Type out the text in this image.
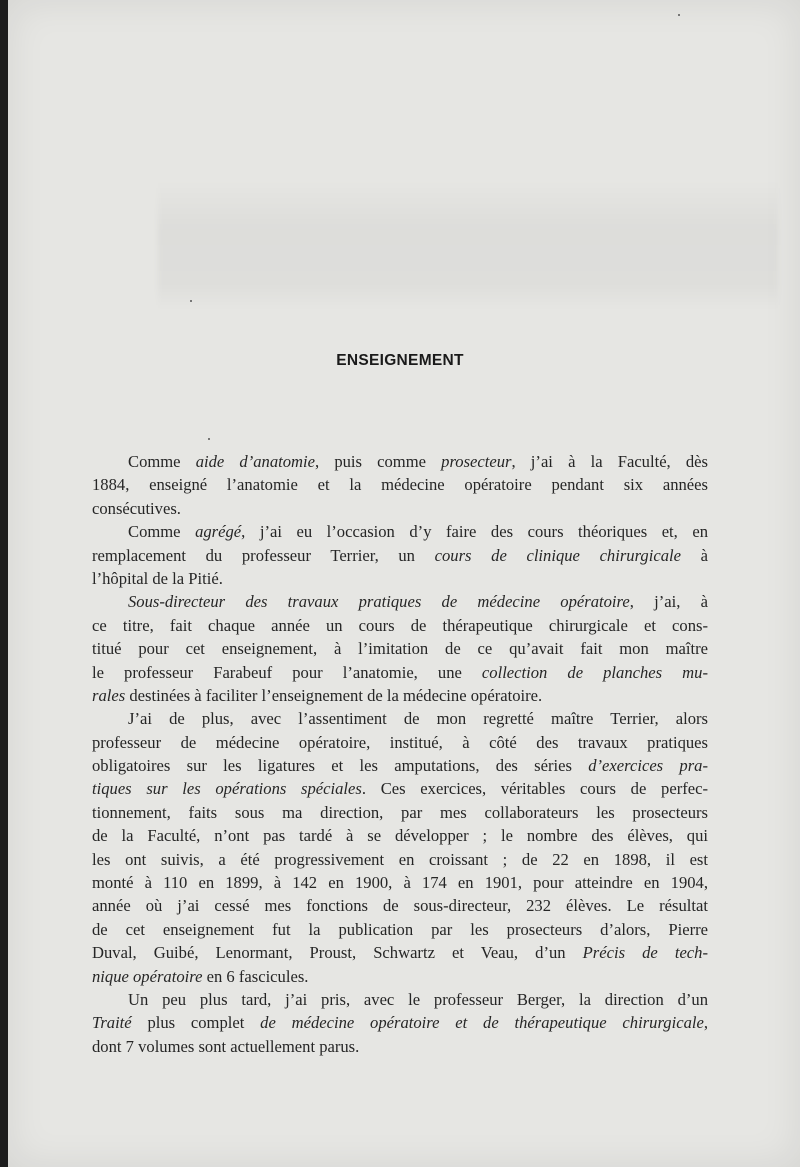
ENSEIGNEMENT
Comme aide d’anatomie, puis comme prosecteur, j’ai à la Faculté, dès
1884, enseigné l’anatomie et la médecine opératoire pendant six années
consécutives.
Comme agrégé, j’ai eu l’occasion d’y faire des cours théoriques et, en
remplacement du professeur Terrier, un cours de clinique chirurgicale à
l’hôpital de la Pitié.
Sous-directeur des travaux pratiques de médecine opératoire, j’ai, à
ce titre, fait chaque année un cours de thérapeutique chirurgicale et cons-
titué pour cet enseignement, à l’imitation de ce qu’avait fait mon maître
le professeur Farabeuf pour l’anatomie, une collection de planches mu-
rales destinées à faciliter l’enseignement de la médecine opératoire.
J’ai de plus, avec l’assentiment de mon regretté maître Terrier, alors
professeur de médecine opératoire, institué, à côté des travaux pratiques
obligatoires sur les ligatures et les amputations, des séries d’exercices pra-
tiques sur les opérations spéciales. Ces exercices, véritables cours de perfec-
tionnement, faits sous ma direction, par mes collaborateurs les prosecteurs
de la Faculté, n’ont pas tardé à se développer ; le nombre des élèves, qui
les ont suivis, a été progressivement en croissant ; de 22 en 1898, il est
monté à 110 en 1899, à 142 en 1900, à 174 en 1901, pour atteindre en 1904,
année où j’ai cessé mes fonctions de sous-directeur, 232 élèves. Le résultat
de cet enseignement fut la publication par les prosecteurs d’alors, Pierre
Duval, Guibé, Lenormant, Proust, Schwartz et Veau, d’un Précis de tech-
nique opératoire en 6 fascicules.
Un peu plus tard, j’ai pris, avec le professeur Berger, la direction d’un
Traité plus complet de médecine opératoire et de thérapeutique chirurgicale,
dont 7 volumes sont actuellement parus.
